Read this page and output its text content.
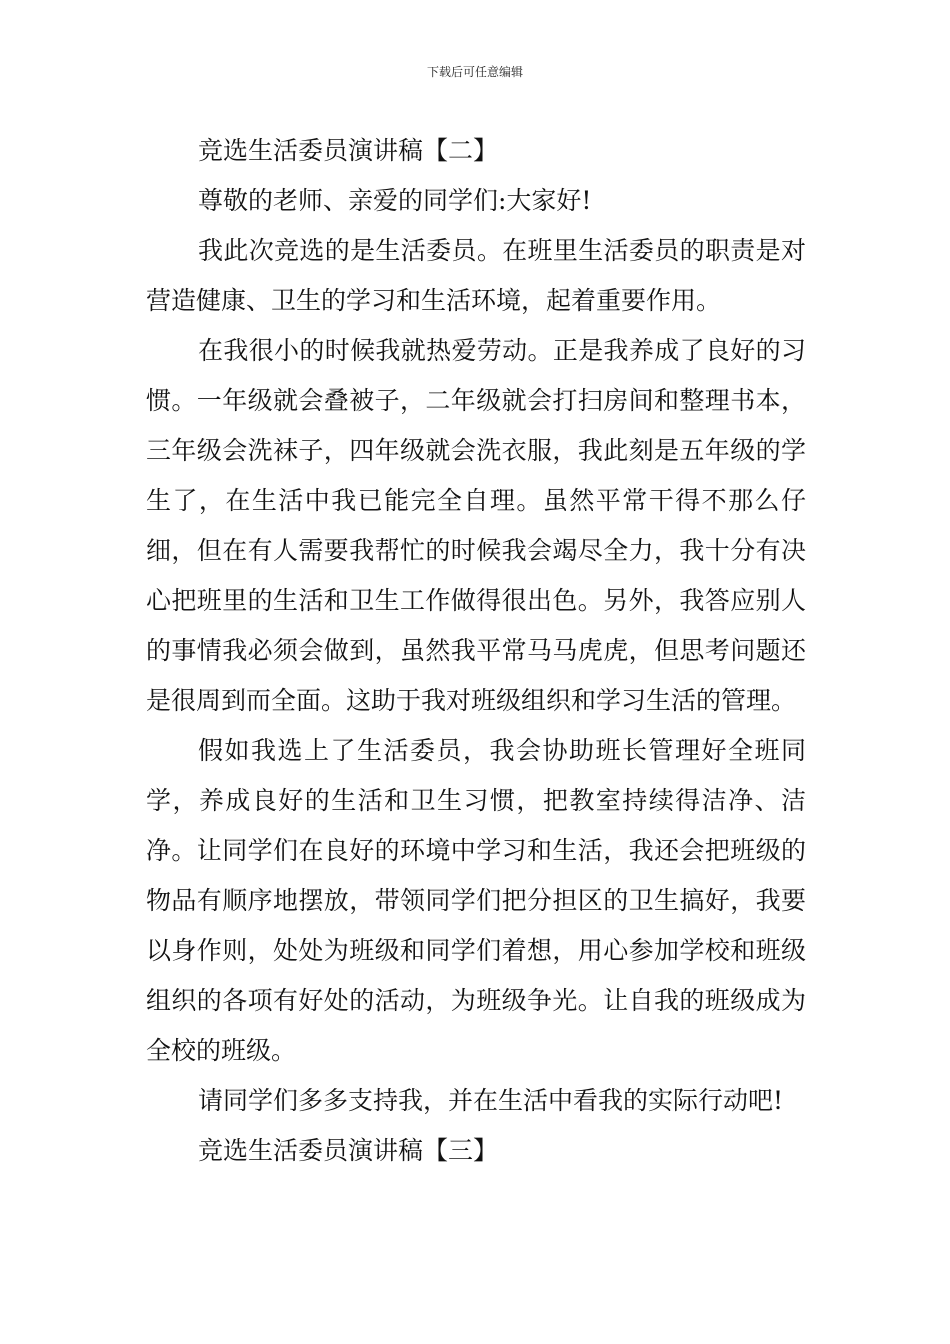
下载后可任意编辑

竞选生活委员演讲稿【二】

尊敬的老师、亲爱的同学们:大家好!

我此次竞选的是生活委员。在班里生活委员的职责是对营造健康、卫生的学习和生活环境，起着重要作用。

在我很小的时候我就热爱劳动。正是我养成了良好的习惯。一年级就会叠被子，二年级就会打扫房间和整理书本，三年级会洗袜子，四年级就会洗衣服，我此刻是五年级的学生了，在生活中我已能完全自理。虽然平常干得不那么仔细，但在有人需要我帮忙的时候我会竭尽全力，我十分有决心把班里的生活和卫生工作做得很出色。另外，我答应别人的事情我必须会做到，虽然我平常马马虎虎，但思考问题还是很周到而全面。这助于我对班级组织和学习生活的管理。

假如我选上了生活委员，我会协助班长管理好全班同学，养成良好的生活和卫生习惯，把教室持续得洁净、洁净。让同学们在良好的环境中学习和生活，我还会把班级的物品有顺序地摆放，带领同学们把分担区的卫生搞好，我要以身作则，处处为班级和同学们着想，用心参加学校和班级组织的各项有好处的活动，为班级争光。让自我的班级成为全校的班级。

请同学们多多支持我，并在生活中看我的实际行动吧!

竞选生活委员演讲稿【三】
